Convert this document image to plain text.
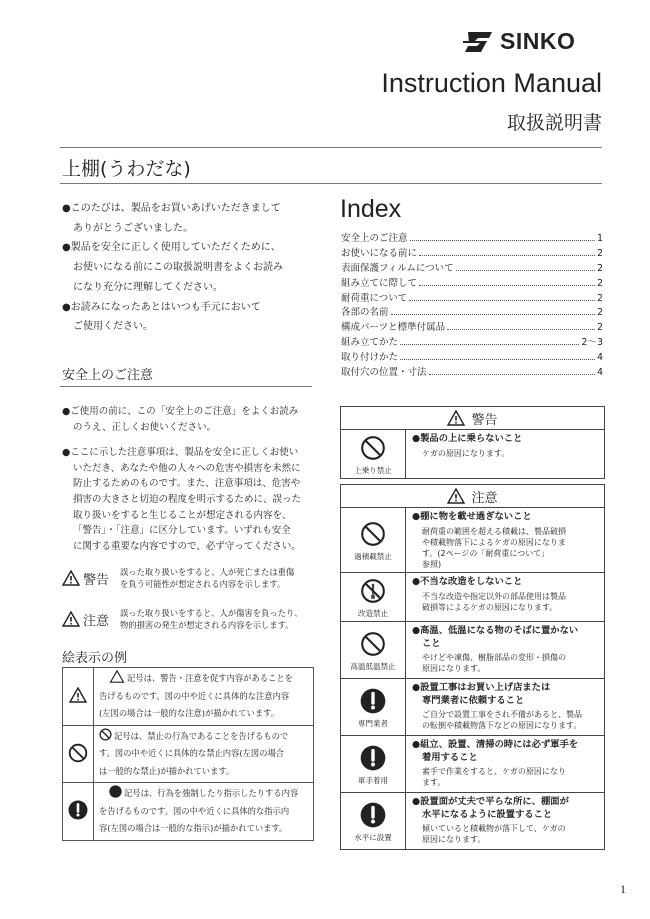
SINKO
Instruction Manual
取扱説明書
上棚(うわだな)

●このたびは、製品をお買いあげいただきまして

ありがとうございました。

●製品を安全に正しく使用していただくために、

お使いになる前にこの取扱説明書をよくお読み

になり充分に理解してください。

●お読みになったあとはいつも手元において

ご使用ください。

Index
安全上のご注意	1
お使いになる前に	2
表面保護フィルムについて	2
組み立てに際して	2
耐荷重について	2
各部の名前	2
構成パーツと標準付属品	2
組み立てかた	2〜3
取り付けかた	4
取付穴の位置・寸法	4
安全上のご注意

●ご使用の前に、この「安全上のご注意」をよくお読み
のうえ、正しくお使いください。

●ここに示した注意事項は、製品を安全に正しくお使い
いただき、あなたや他の人々への危害や損害を未然に
防止するためのものです。また、注意事項は、危害や
損害の大きさと切迫の程度を明示するために、誤った
取り扱いをすると生じることが想定される内容を、
「警告」・「注意」に区分しています。いずれも安全
に関する重要な内容ですので、必ず守ってください。

警告
誤った取り扱いをすると、人が死亡または重傷
を負う可能性が想定される内容を示します。
注意
誤った取り扱いをすると、人が傷害を負ったり、
物的損害の発生が想定される内容を示します。
絵表示の例

記号は、警告・注意を促す内容があることを
告げるものです。図の中や近くに具体的な注意内容
(左図の場合は一般的な注意)が描かれています。

記号は、禁止の行為であることを告げるもので
す。図の中や近くに具体的な禁止内容(左図の場合
は一般的な禁止)が描かれています。

記号は、行為を強制したり指示したりする内容
を告げるものです。図の中や近くに具体的な指示内
容(左図の場合は一般的な指示)が描かれています。
警告
上乗り禁止
●製品の上に乗らないこと
ケガの原因になります。
注意
過積載禁止
●棚に物を載せ過ぎないこと
耐荷重の範囲を超える積載は、製品破損
や積載物落下によるケガの原因になりま
す。(2ページの「耐荷重について」
参照)
改造禁止
●不当な改造をしないこと
不当な改造や指定以外の部品使用は製品
破損等によるケガの原因になります。
高温低温禁止
●高温、低温になる物のそばに置かない
こと
やけどや凍傷、樹脂部品の変形・損傷の
原因になります。
専門業者
●設置工事はお買い上げ店または
専門業者に依頼すること
ご自分で設置工事をされ不備があると、製品
の転倒や積載物落下などの原因になります。
軍手着用
●組立、設置、清掃の時には必ず軍手を
着用すること
素手で作業をすると、ケガの原因になり
ます。
水平に設置
●設置面が丈夫で平らな所に、棚面が
水平になるように設置すること
傾いていると積載物が落下して、ケガの
原因になります。
1
